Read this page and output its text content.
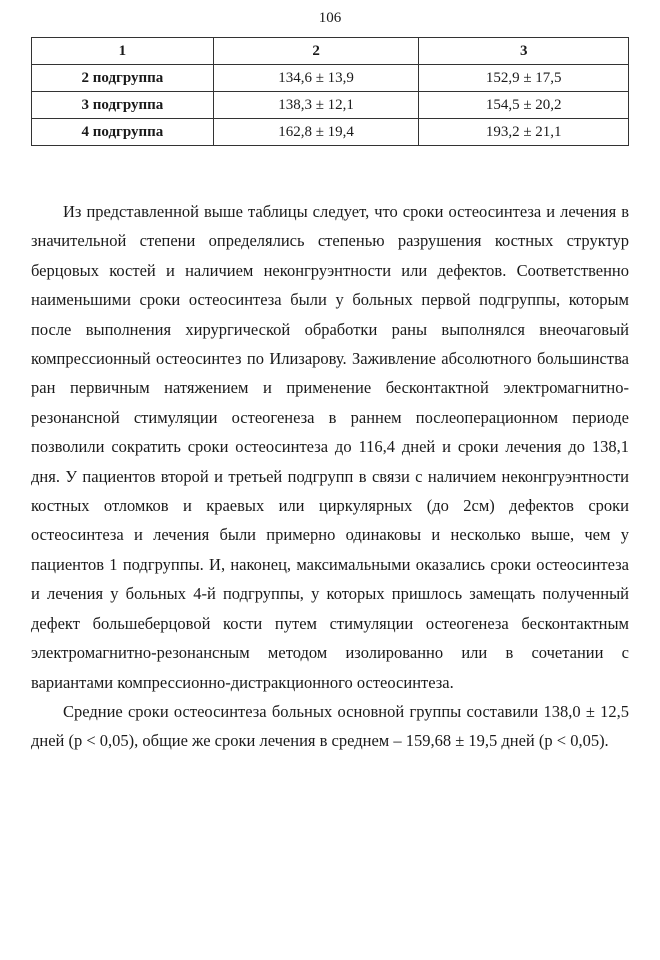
106
1	2	3
2 подгруппа	134,6 ± 13,9	152,9 ± 17,5
3 подгруппа	138,3 ± 12,1	154,5 ± 20,2
4 подгруппа	162,8 ± 19,4	193,2 ± 21,1

Из представленной выше таблицы следует, что сроки остеосинтеза и лечения в значительной степени определялись степенью разрушения костных структур берцовых костей и наличием неконгруэнтности или дефектов. Соответственно наименьшими сроки остеосинтеза были у больных первой подгруппы, которым после выполнения хирургической обработки раны выполнялся внеочаговый компрессионный остеосинтез по Илизарову. Заживление абсолютного большинства ран первичным натяжением и применение бесконтактной электромагнитно-резонансной стимуляции остеогенеза в раннем послеоперационном периоде позволили сократить сроки остеосинтеза до 116,4 дней и сроки лечения до 138,1 дня. У пациентов второй и третьей подгрупп в связи с наличием неконгруэнтности костных отломков и краевых или циркулярных (до 2см) дефектов сроки остеосинтеза и лечения были примерно одинаковы и несколько выше, чем у пациентов 1 подгруппы. И, наконец, максимальными оказались сроки остеосинтеза и лечения у больных 4-й подгруппы, у которых пришлось замещать полученный дефект большеберцовой кости путем стимуляции остеогенеза бесконтактным электромагнитно-резонансным методом изолированно или в сочетании с вариантами компрессионно-дистракционного остеосинтеза.

Средние сроки остеосинтеза больных основной группы составили 138,0 ± 12,5 дней (р < 0,05), общие же сроки лечения в среднем – 159,68 ± 19,5 дней (р < 0,05).
